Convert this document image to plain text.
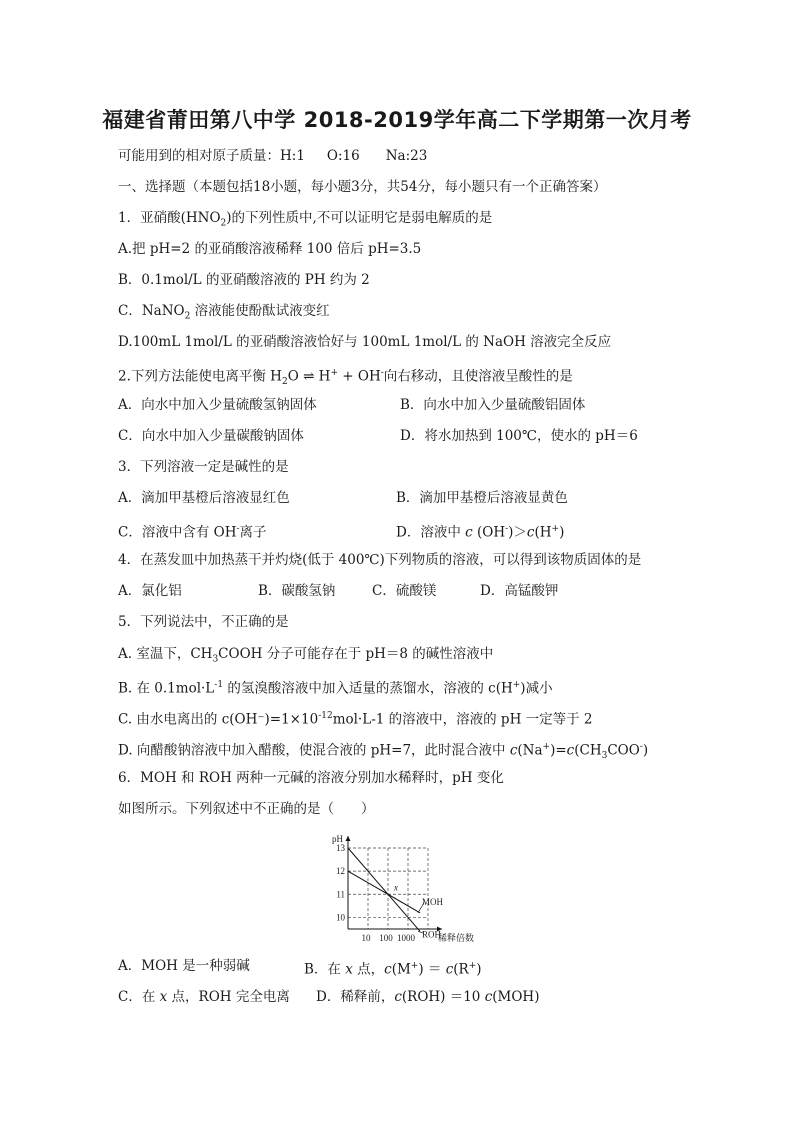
福建省莆田第八中学 2018-2019学年高二下学期第一次月考
可能用到的相对原子质量：H:1 O:16 Na:23
一、选择题（本题包括18小题，每小题3分，共54分，每小题只有一个正确答案）
1．亚硝酸$(HNO_2)$的下列性质中,不可以证明它是弱电解质的是
A.把 pH=2 的亚硝酸溶液稀释 100 倍后 pH=3.5
B．0.1mol/L 的亚硝酸溶液的 PH 约为 2
C．NaNO$_2$ 溶液能使酚酞试液变红
D.100mL 1mol/L 的亚硝酸溶液恰好与 100mL 1mol/L 的 NaOH 溶液完全反应
2.下列方法能使电离平衡 $H_2O$ ⇌ H+ + OH-向右移动，且使溶液呈酸性的是
A．向水中加入少量硫酸氢钠固体	B．向水中加入少量硫酸铝固体
C．向水中加入少量碳酸钠固体	D．将水加热到 100℃，使水的 pH＝6
3．下列溶液一定是碱性的是
A．滴加甲基橙后溶液显红色	B．滴加甲基橙后溶液显黄色
C．溶液中含有 OH-离子	D．溶液中 c (OH-)＞c(H+)
4．在蒸发皿中加热蒸干并灼烧(低于 400℃)下列物质的溶液，可以得到该物质固体的是
A．氯化铝	B．碳酸氢钠	C．硫酸镁	D．高锰酸钾
5．下列说法中，不正确的是
A. 室温下，$CH_3COOH$ 分子可能存在于 pH＝8 的碱性溶液中
B. 在 $0.1mol\cdot L^{-1}$ 的氢溴酸溶液中加入适量的蒸馏水，溶液的 c(H+)减小
C. 由水电离出的 $c(OH^-)=1\times 10^{-12}mol\cdot L-1$ 的溶液中，溶液的 pH 一定等于 2
D. 向醋酸钠溶液中加入醋酸，使混合液的 pH=7，此时混合液中 $c(Na^+)=c(CH_3COO^-)$
6．MOH 和 ROH 两种一元碱的溶液分别加水稀释时，pH 变化
如图所示。下列叙述中不正确的是（　　）
10
11
12
13
10 100 1000
pH
稀释倍数
MOH
ROH
x
A．MOH 是一种弱碱	B．在 x 点，c(M+) ＝ c(R+)
C．在 x 点，ROH 完全电离 D．稀释前，c(ROH) ＝10 c(MOH)
